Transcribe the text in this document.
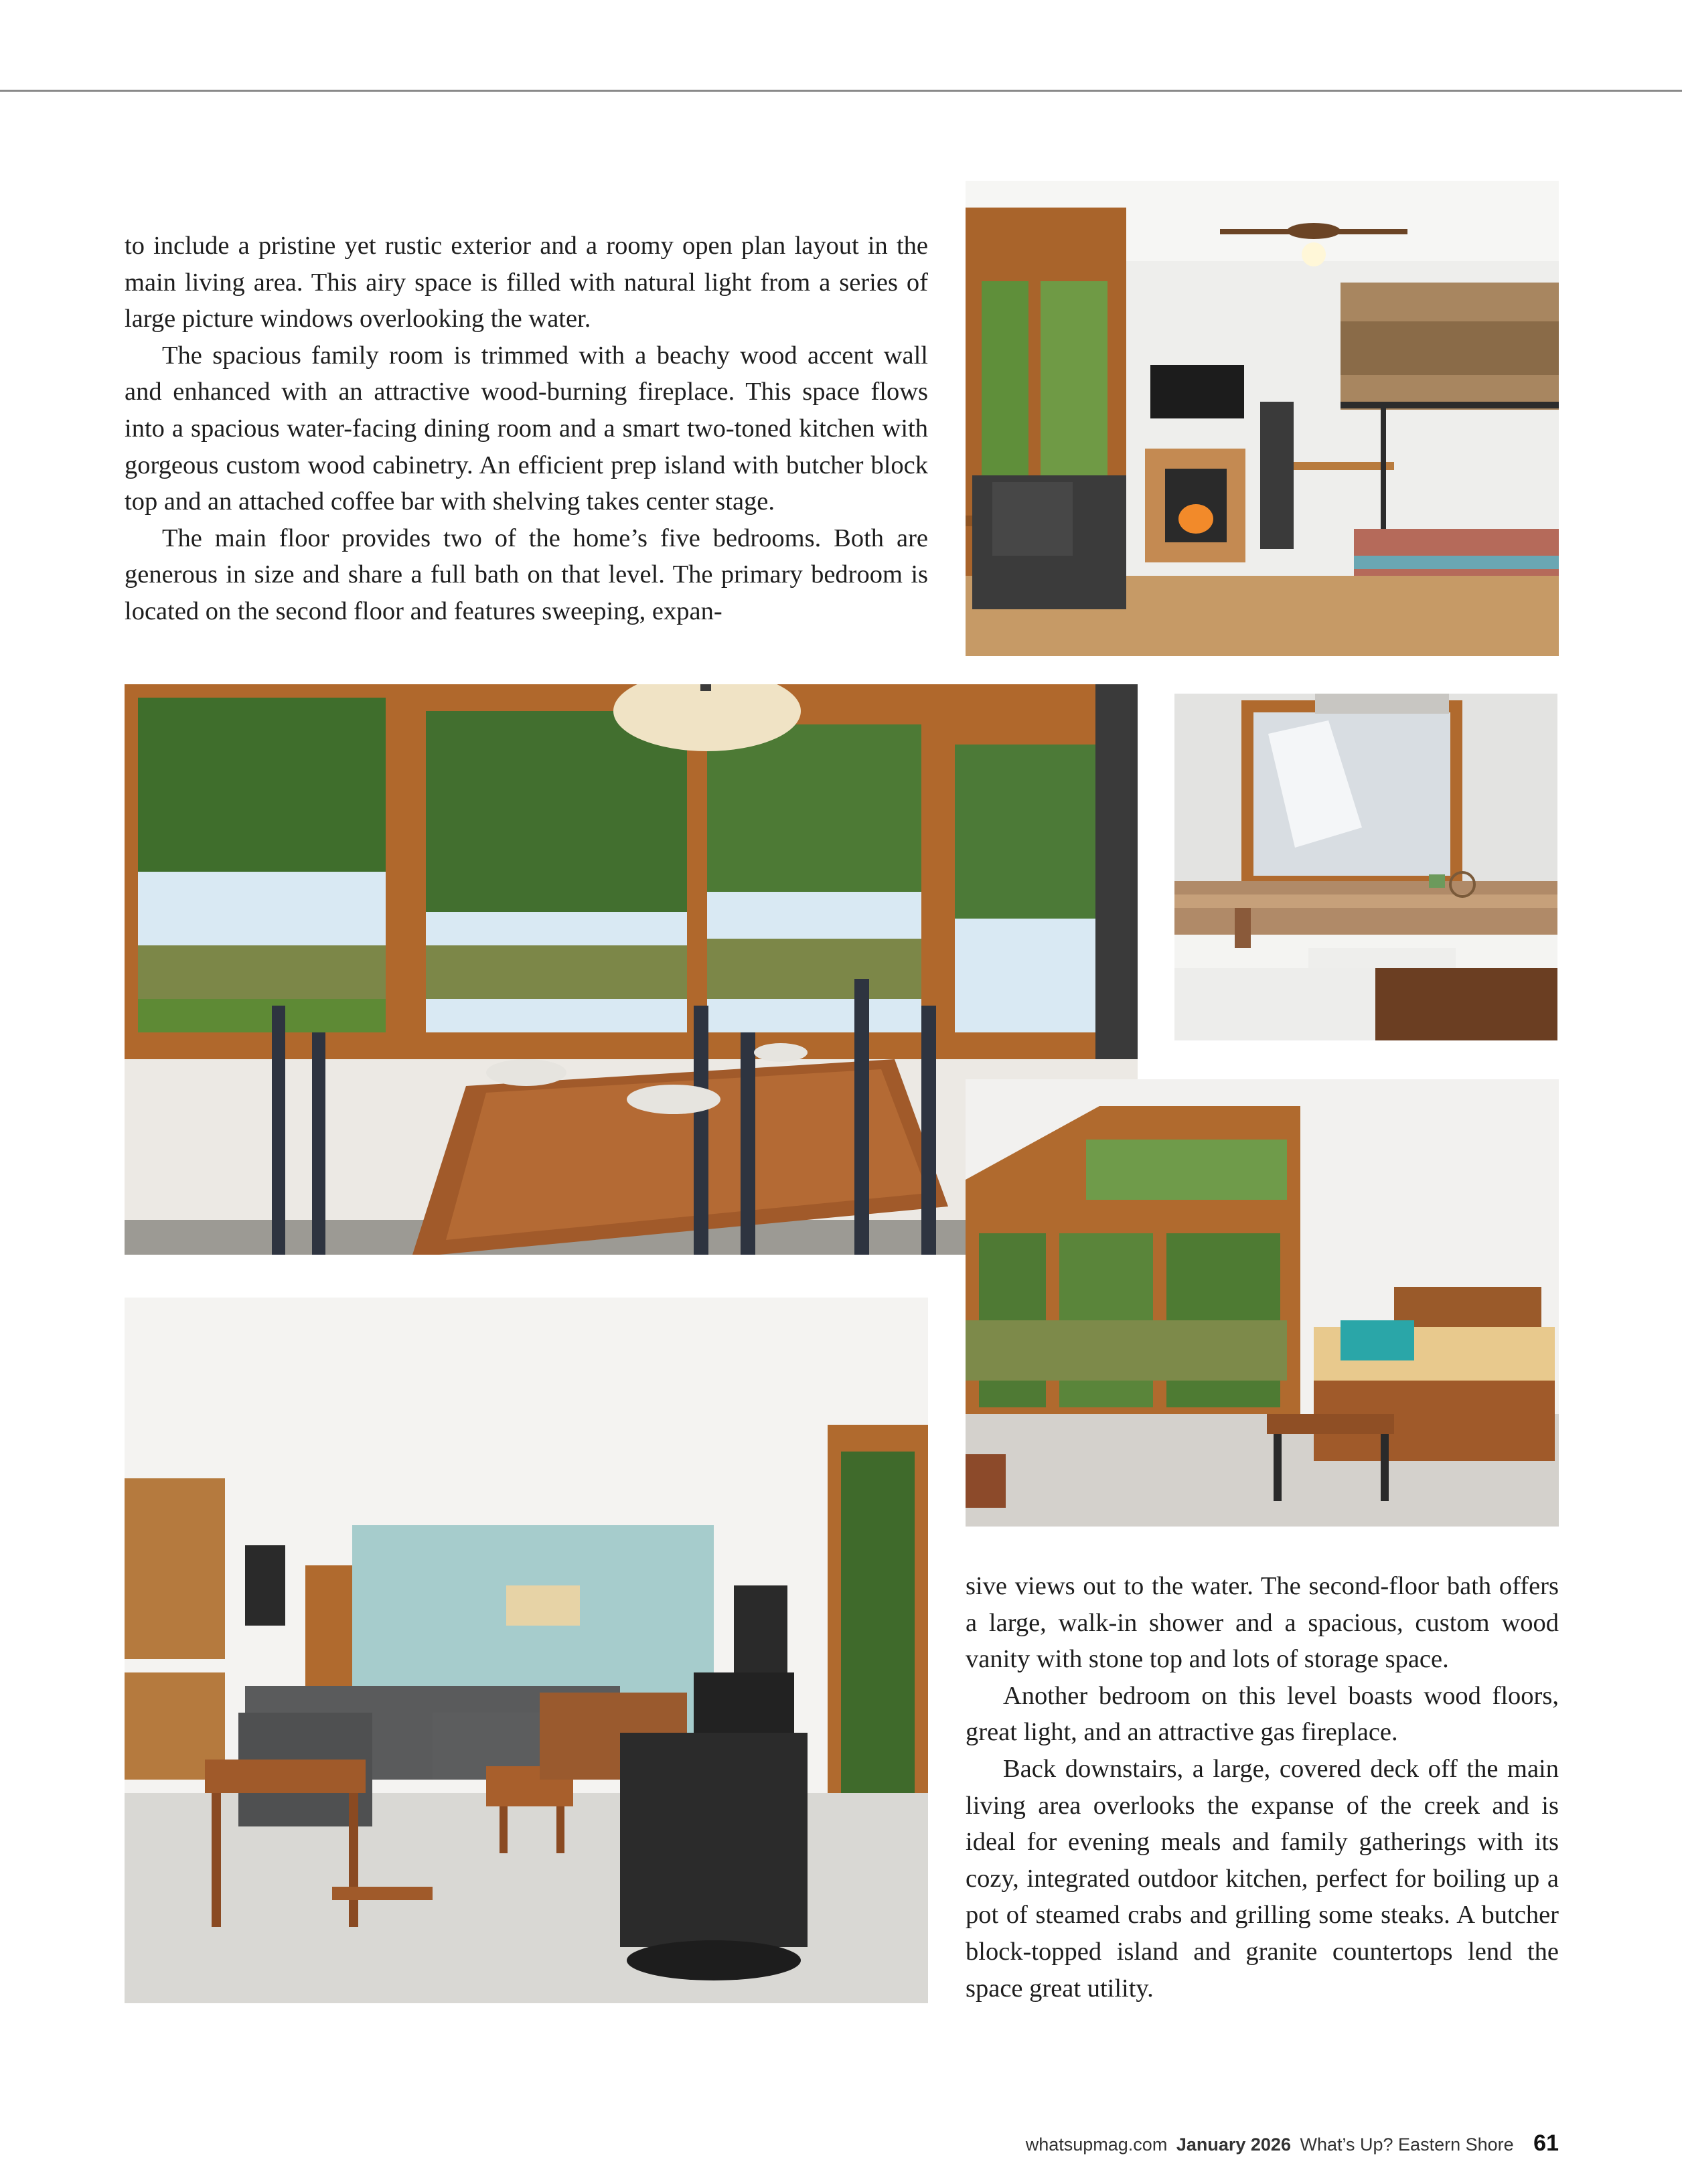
to include a pristine yet rustic exterior and a roomy open plan layout in the main living area. This airy space is filled with natural light from a series of large picture windows overlooking the water.

The spacious family room is trimmed with a beachy wood accent wall and enhanced with an attractive wood-burning fireplace. This space flows into a spacious water-facing dining room and a smart two-toned kitchen with gorgeous custom wood cabinetry. An efficient prep island with butcher block top and an attached coffee bar with shelving takes center stage.

The main floor provides two of the home’s five bedrooms. Both are generous in size and share a full bath on that level. The primary bedroom is located on the second floor and features sweeping, expan-

sive views out to the water. The second-floor bath offers a large, walk-in shower and a spacious, custom wood vanity with stone top and lots of storage space.

Another bedroom on this level boasts wood floors, great light, and an attractive gas fireplace.

Back downstairs, a large, covered deck off the main living area overlooks the expanse of the creek and is ideal for evening meals and family gatherings with its cozy, integrated outdoor kitchen, perfect for boiling up a pot of steamed crabs and grilling some steaks. A butcher block-topped island and granite countertops lend the space great utility.

whatsupmag.com January 2026 What’s Up? Eastern Shore 61
